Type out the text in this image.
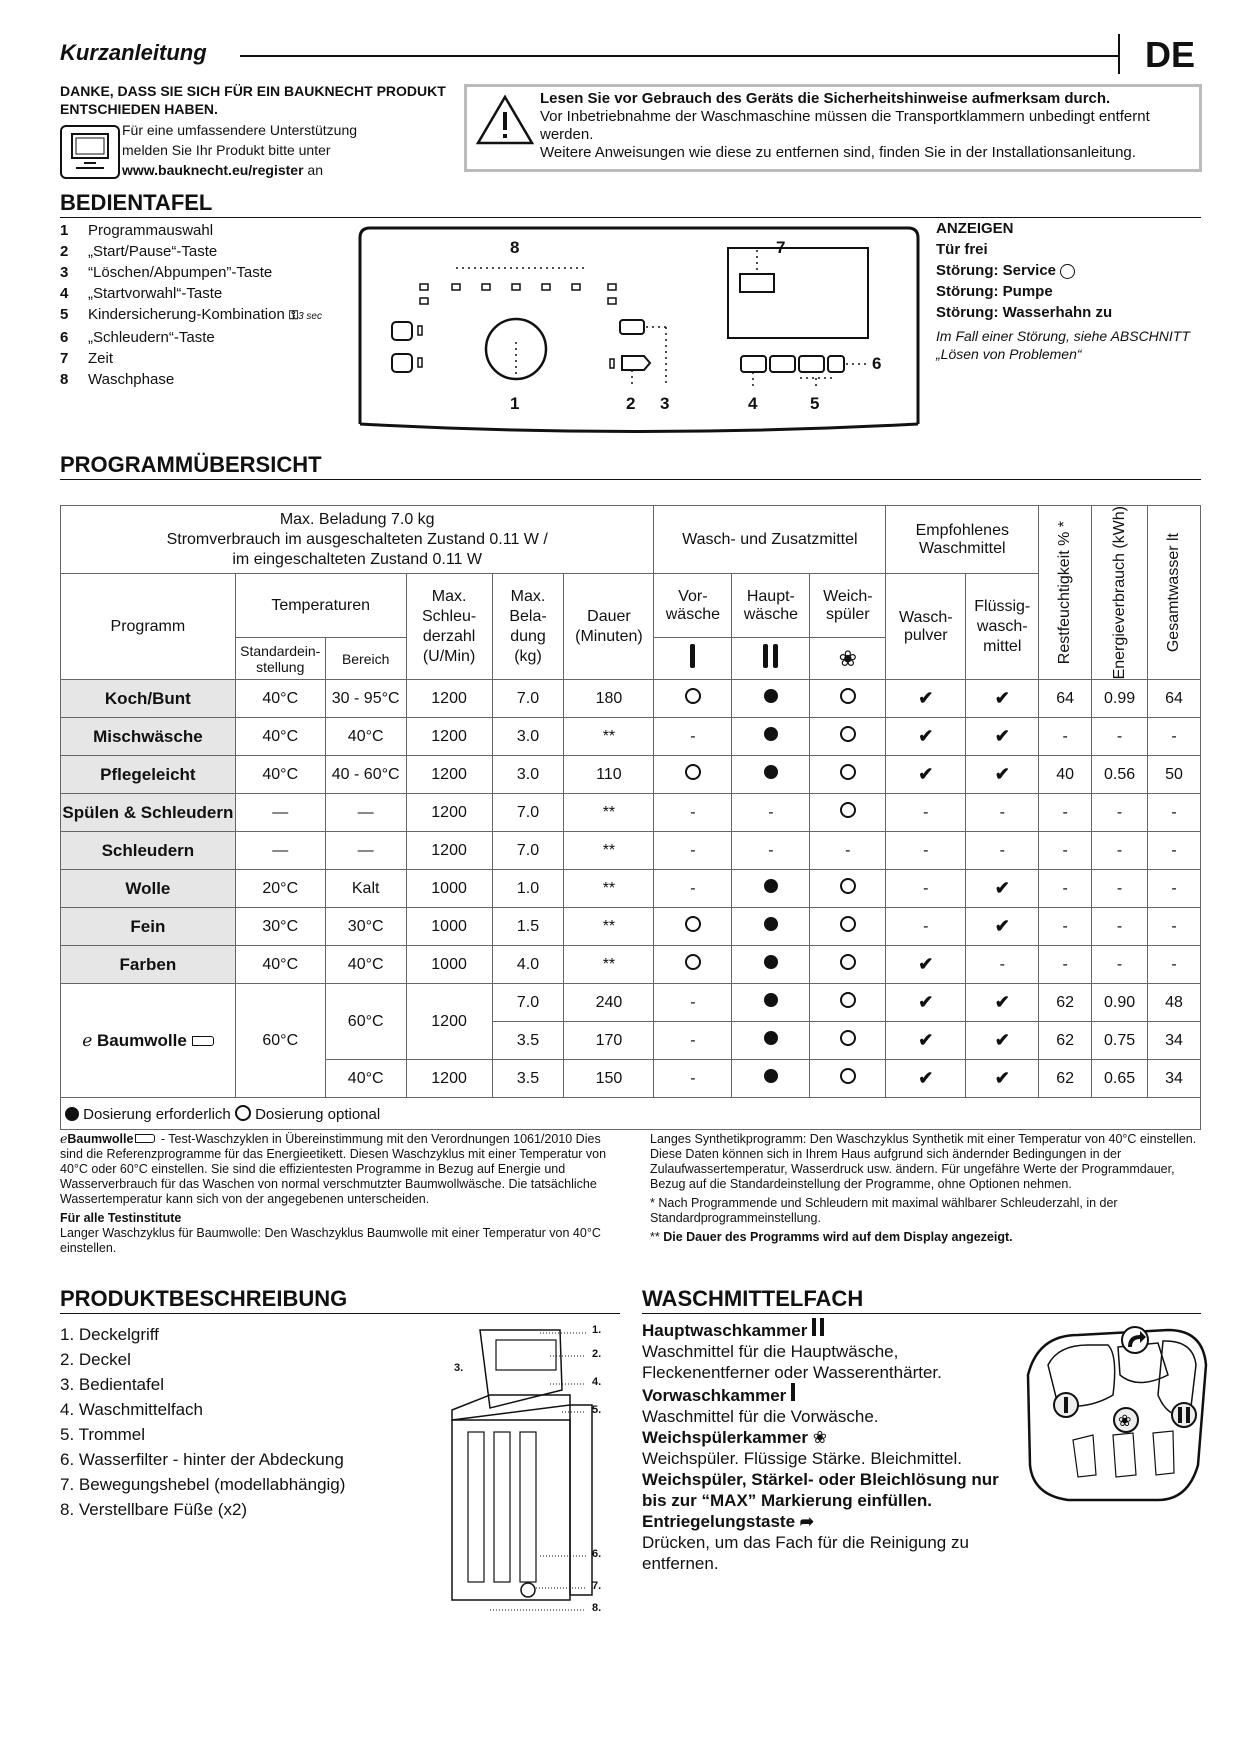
Kurzanleitung	DE
DANKE, DASS SIE SICH FÜR EIN BAUKNECHT PRODUKT ENTSCHIEDEN HABEN.
Für eine umfassendere Unterstützung
melden Sie Ihr Produkt bitte unter
www.bauknecht.eu/register an
Lesen Sie vor Gebrauch des Geräts die Sicherheitshinweise aufmerksam durch.
Vor Inbetriebnahme der Waschmaschine müssen die Transportklammern unbedingt entfernt werden.
Weitere Anweisungen wie diese zu entfernen sind, finden Sie in der Installationsanleitung.
BEDIENTAFEL
1 Programmauswahl
2 „Start/Pause“-Taste
3 “Löschen/Abpumpen”-Taste
4 „Startvorwahl“-Taste
5 Kindersicherung-Kombination ⚿3 sec
6 „Schleudern“-Taste
7 Zeit
8 Waschphase
8	7
6
1	2 3	4	5
ANZEIGEN
Tür frei
Störung: Service
Störung: Pumpe
Störung: Wasserhahn zu
Im Fall einer Störung, siehe ABSCHNITT „Lösen von Problemen“
PROGRAMMÜBERSICHT
Max. Beladung 7.0 kg
Stromverbrauch im ausgeschalteten Zustand 0.11 W /
im eingeschalteten Zustand 0.11 W						Wasch- und Zusatzmittel			Empfohlenes Waschmittel		Restfeuchtigkeit % *	Energieverbrauch (kWh)	Gesamtwasser lt

Programm	Temperaturen		Max. Schleu-derzahl (U/Min)	Max. Bela-dung (kg)	Dauer (Minuten)	Vor-wäsche	Haupt-wäsche	Weich-spüler	Wasch-pulver	Flüssig-wasch-mittel			
	Standardein-stellung	Bereich						❀					
Koch/Bunt	40°C	30 - 95°C	1200	7.0	180				✔	✔	64	0.99	64
Mischwäsche	40°C	40°C	1200	3.0	**	-			✔	✔	-	-	-
Pflegeleicht	40°C	40 - 60°C	1200	3.0	110				✔	✔	40	0.56	50
Spülen & Schleudern	—	—	1200	7.0	**	-	-		-	-	-	-	-
Schleudern	—	—	1200	7.0	**	-	-	-	-	-	-	-	-
Wolle	20°C	Kalt	1000	1.0	**	-			-	✔	-	-	-
Fein	30°C	30°C	1000	1.5	**				-	✔	-	-	-
Farben	40°C	40°C	1000	4.0	**				✔	-	-	-	-
ℯ Baumwolle	60°C	60°C	1200	7.0	240	-			✔	✔	62	0.90	48
				3.5	170	-			✔	✔	62	0.75	34
		40°C	1200	3.5	150	-			✔	✔	62	0.65	34
Dosierung erforderlich Dosierung optional													
ℯBaumwolle - Test-Waschzyklen in Übereinstimmung mit den Verordnungen 1061/2010 Dies sind die Referenzprogramme für das Energieetikett. Diesen Waschzyklus mit einer Temperatur von 40°C oder 60°C einstellen. Sie sind die effizientesten Programme in Bezug auf Energie und Wasserverbrauch für das Waschen von normal verschmutzter Baumwollwäsche. Die tatsächliche Wassertemperatur kann sich von der angegebenen unterscheiden.
Für alle Testinstitute
Langer Waschzyklus für Baumwolle: Den Waschzyklus Baumwolle mit einer Temperatur von 40°C einstellen.
Langes Synthetikprogramm: Den Waschzyklus Synthetik mit einer Temperatur von 40°C einstellen. Diese Daten können sich in Ihrem Haus aufgrund sich ändernder Bedingungen in der Zulaufwassertemperatur, Wasserdruck usw. ändern. Für ungefähre Werte der Programmdauer, Bezug auf die Standardeinstellung der Programme, ohne Optionen nehmen.
* Nach Programmende und Schleudern mit maximal wählbarer Schleuderzahl, in der Standardprogrammeinstellung.
** Die Dauer des Programms wird auf dem Display angezeigt.
PRODUKTBESCHREIBUNG
1. Deckelgriff
2. Deckel
3. Bedientafel
4. Waschmittelfach
5. Trommel
6. Wasserfilter - hinter der Abdeckung
7. Bewegungshebel (modellabhängig)
8. Verstellbare Füße (x2)
1.
2.
3.
4.
5.
6.
7.
8.
WASCHMITTELFACH
Hauptwaschkammer
Waschmittel für die Hauptwäsche, Fleckenentferner oder Wasserenthärter.
Vorwaschkammer
Waschmittel für die Vorwäsche.
Weichspülerkammer ❀
Weichspüler. Flüssige Stärke. Bleichmittel.
Weichspüler, Stärkel- oder Bleichlösung nur bis zur “MAX” Markierung einfüllen.
Entriegelungstaste ➦
Drücken, um das Fach für die Reinigung zu entfernen.
❀
